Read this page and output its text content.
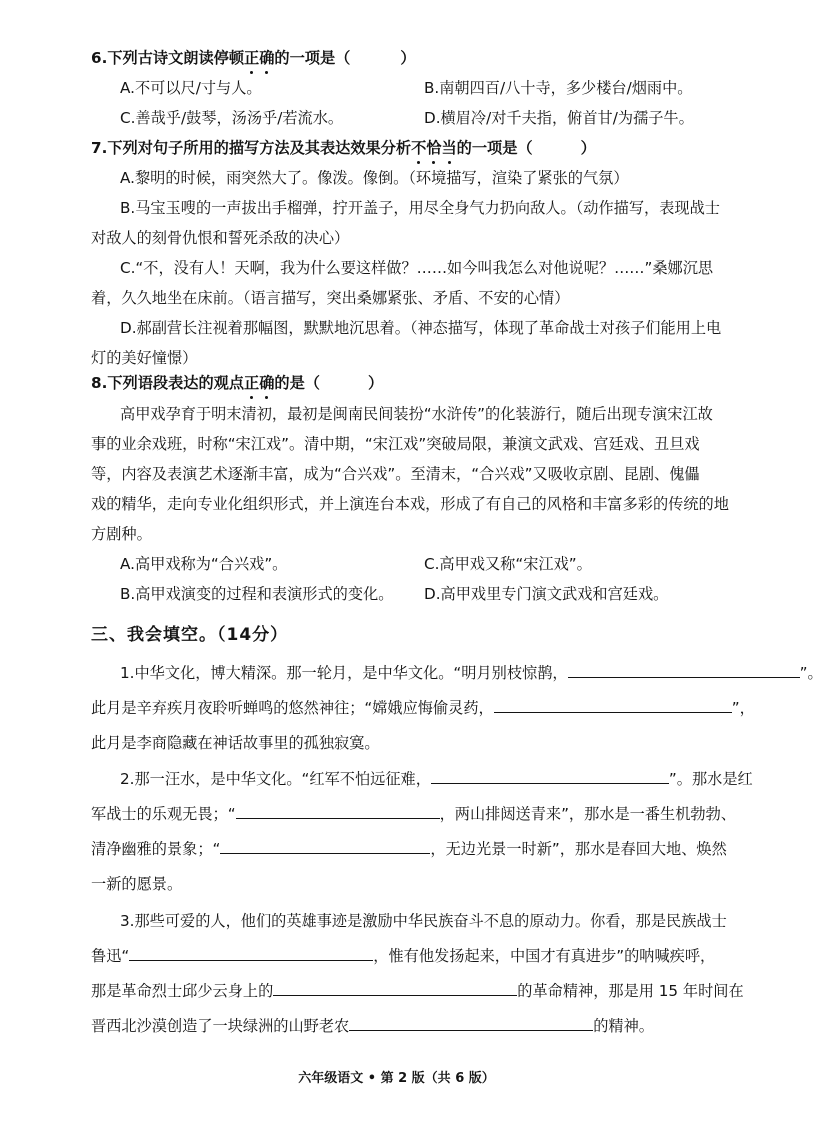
6.下列古诗文朗读停顿正确的一项是（	）
A.不可以尺/寸与人。	B.南朝四百/八十寺，多少楼台/烟雨中。
C.善哉乎/鼓琴，汤汤乎/若流水。	D.横眉冷/对千夫指，俯首甘/为孺子牛。
7.下列对句子所用的描写方法及其表达效果分析不恰当的一项是（	）
A.黎明的时候，雨突然大了。像泼。像倒。（环境描写，渲染了紧张的气氛）
B.马宝玉嗖的一声拔出手榴弹，拧开盖子，用尽全身气力扔向敌人。（动作描写，表现战士
对敌人的刻骨仇恨和誓死杀敌的决心）
C.“不，没有人！天啊，我为什么要这样做？……如今叫我怎么对他说呢？……”桑娜沉思
着，久久地坐在床前。（语言描写，突出桑娜紧张、矛盾、不安的心情）
D.郝副营长注视着那幅图，默默地沉思着。（神态描写，体现了革命战士对孩子们能用上电
灯的美好憧憬）
8.下列语段表达的观点正确的是（	）
高甲戏孕育于明末清初，最初是闽南民间装扮“水浒传”的化装游行，随后出现专演宋江故
事的业余戏班，时称“宋江戏”。清中期，“宋江戏”突破局限，兼演文武戏、宫廷戏、丑旦戏
等，内容及表演艺术逐渐丰富，成为“合兴戏”。至清末，“合兴戏”又吸收京剧、昆剧、傀儡
戏的精华，走向专业化组织形式，并上演连台本戏，形成了有自己的风格和丰富多彩的传统的地
方剧种。
A.高甲戏称为“合兴戏”。	C.高甲戏又称“宋江戏”。
B.高甲戏演变的过程和表演形式的变化。 D.高甲戏里专门演文武戏和宫廷戏。
三、我会填空。（14分）
1.中华文化，博大精深。那一轮月，是中华文化。“明月别枝惊鹊，	”。
此月是辛弃疾月夜聆听蝉鸣的悠然神往；“嫦娥应悔偷灵药，	”，
此月是李商隐藏在神话故事里的孤独寂寞。
2.那一汪水，是中华文化。“红军不怕远征难，	”。那水是红
军战士的乐观无畏；“	，两山排闼送青来”，那水是一番生机勃勃、
清净幽雅的景象；“	，无边光景一时新”，那水是春回大地、焕然
一新的愿景。
3.那些可爱的人，他们的英雄事迹是激励中华民族奋斗不息的原动力。你看，那是民族战士
鲁迅“	，惟有他发扬起来，中国才有真进步”的呐喊疾呼，
那是革命烈士邱少云身上的	的革命精神，那是用 15 年时间在
晋西北沙漠创造了一块绿洲的山野老农	的精神。
六年级语文 • 第 2 版（共 6 版）
